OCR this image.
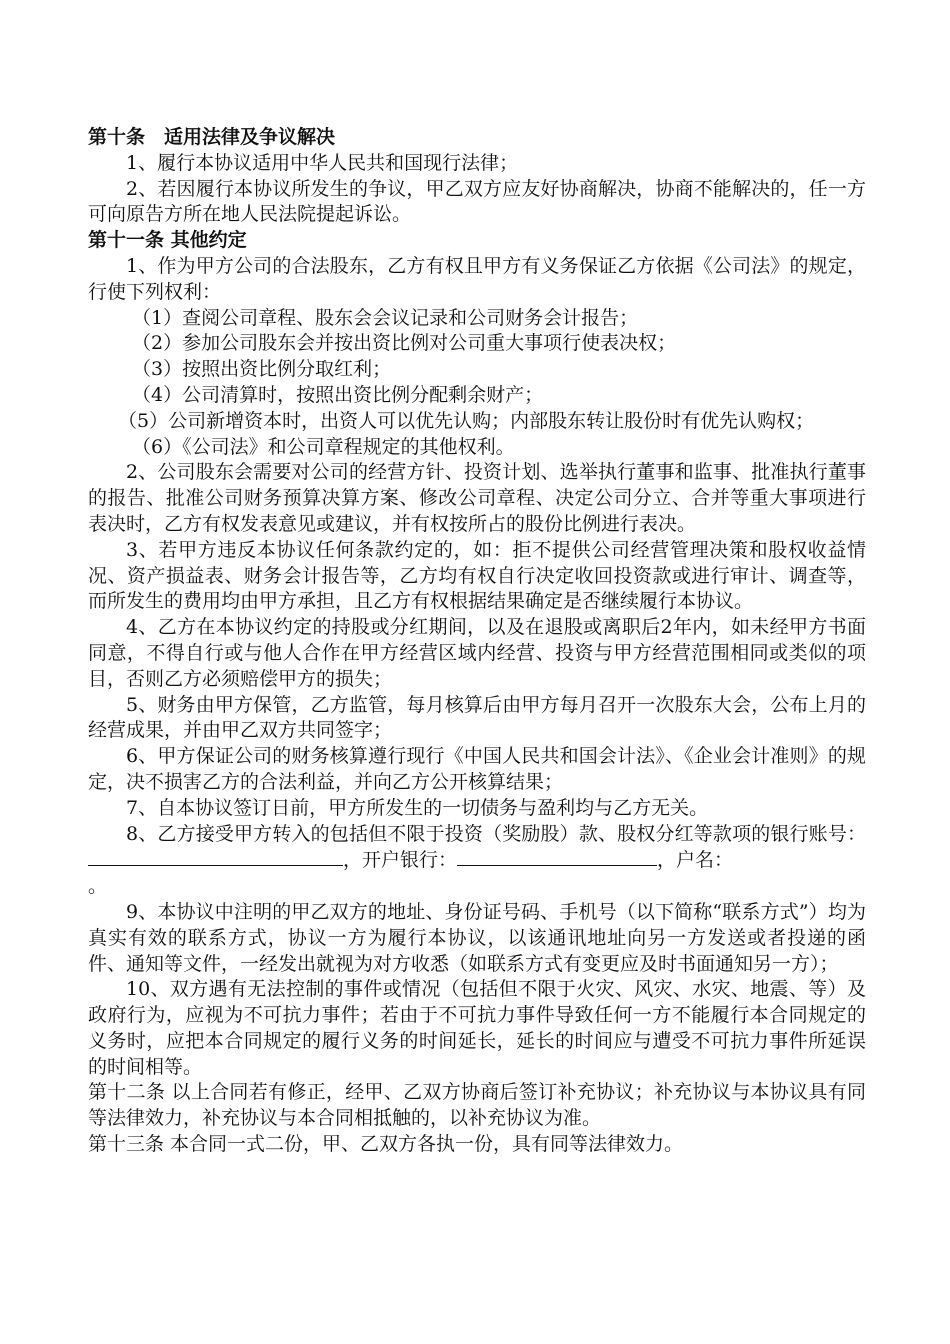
第十条　适用法律及争议解决

1、履行本协议适用中华人民共和国现行法律；

2、若因履行本协议所发生的争议，甲乙双方应友好协商解决，协商不能解决的，任一方可向原告方所在地人民法院提起诉讼。

第十一条 其他约定

1、作为甲方公司的合法股东，乙方有权且甲方有义务保证乙方依据《公司法》的规定，行使下列权利：

（1）查阅公司章程、股东会会议记录和公司财务会计报告；

（2）参加公司股东会并按出资比例对公司重大事项行使表决权；

（3）按照出资比例分取红利；

（4）公司清算时，按照出资比例分配剩余财产；

（5）公司新增资本时，出资人可以优先认购；内部股东转让股份时有优先认购权；

（6）《公司法》和公司章程规定的其他权利。

2、公司股东会需要对公司的经营方针、投资计划、选举执行董事和监事、批准执行董事的报告、批准公司财务预算决算方案、修改公司章程、决定公司分立、合并等重大事项进行表决时，乙方有权发表意见或建议，并有权按所占的股份比例进行表决。

3、若甲方违反本协议任何条款约定的，如：拒不提供公司经营管理决策和股权收益情况、资产损益表、财务会计报告等，乙方均有权自行决定收回投资款或进行审计、调查等，而所发生的费用均由甲方承担，且乙方有权根据结果确定是否继续履行本协议。

4、乙方在本协议约定的持股或分红期间，以及在退股或离职后2年内，如未经甲方书面同意，不得自行或与他人合作在甲方经营区域内经营、投资与甲方经营范围相同或类似的项目，否则乙方必须赔偿甲方的损失；

5、财务由甲方保管，乙方监管，每月核算后由甲方每月召开一次股东大会，公布上月的经营成果，并由甲乙双方共同签字；

6、甲方保证公司的财务核算遵行现行《中国人民共和国会计法》、《企业会计准则》的规定，决不损害乙方的合法利益，并向乙方公开核算结果；

7、自本协议签订日前，甲方所发生的一切债务与盈利均与乙方无关。

8、乙方接受甲方转入的包括但不限于投资（奖励股）款、股权分红等款项的银行账号：，开户银行：	，户名：
。

9、本协议中注明的甲乙双方的地址、身份证号码、手机号（以下简称“联系方式”）均为真实有效的联系方式，协议一方为履行本协议，以该通讯地址向另一方发送或者投递的函件、通知等文件，一经发出就视为对方收悉（如联系方式有变更应及时书面通知另一方）；

10、双方遇有无法控制的事件或情况（包括但不限于火灾、风灾、水灾、地震、等）及政府行为，应视为不可抗力事件；若由于不可抗力事件导致任何一方不能履行本合同规定的义务时，应把本合同规定的履行义务的时间延长，延长的时间应与遭受不可抗力事件所延误的时间相等。

第十二条 以上合同若有修正，经甲、乙双方协商后签订补充协议；补充协议与本协议具有同等法律效力，补充协议与本合同相抵触的，以补充协议为准。

第十三条 本合同一式二份，甲、乙双方各执一份，具有同等法律效力。
